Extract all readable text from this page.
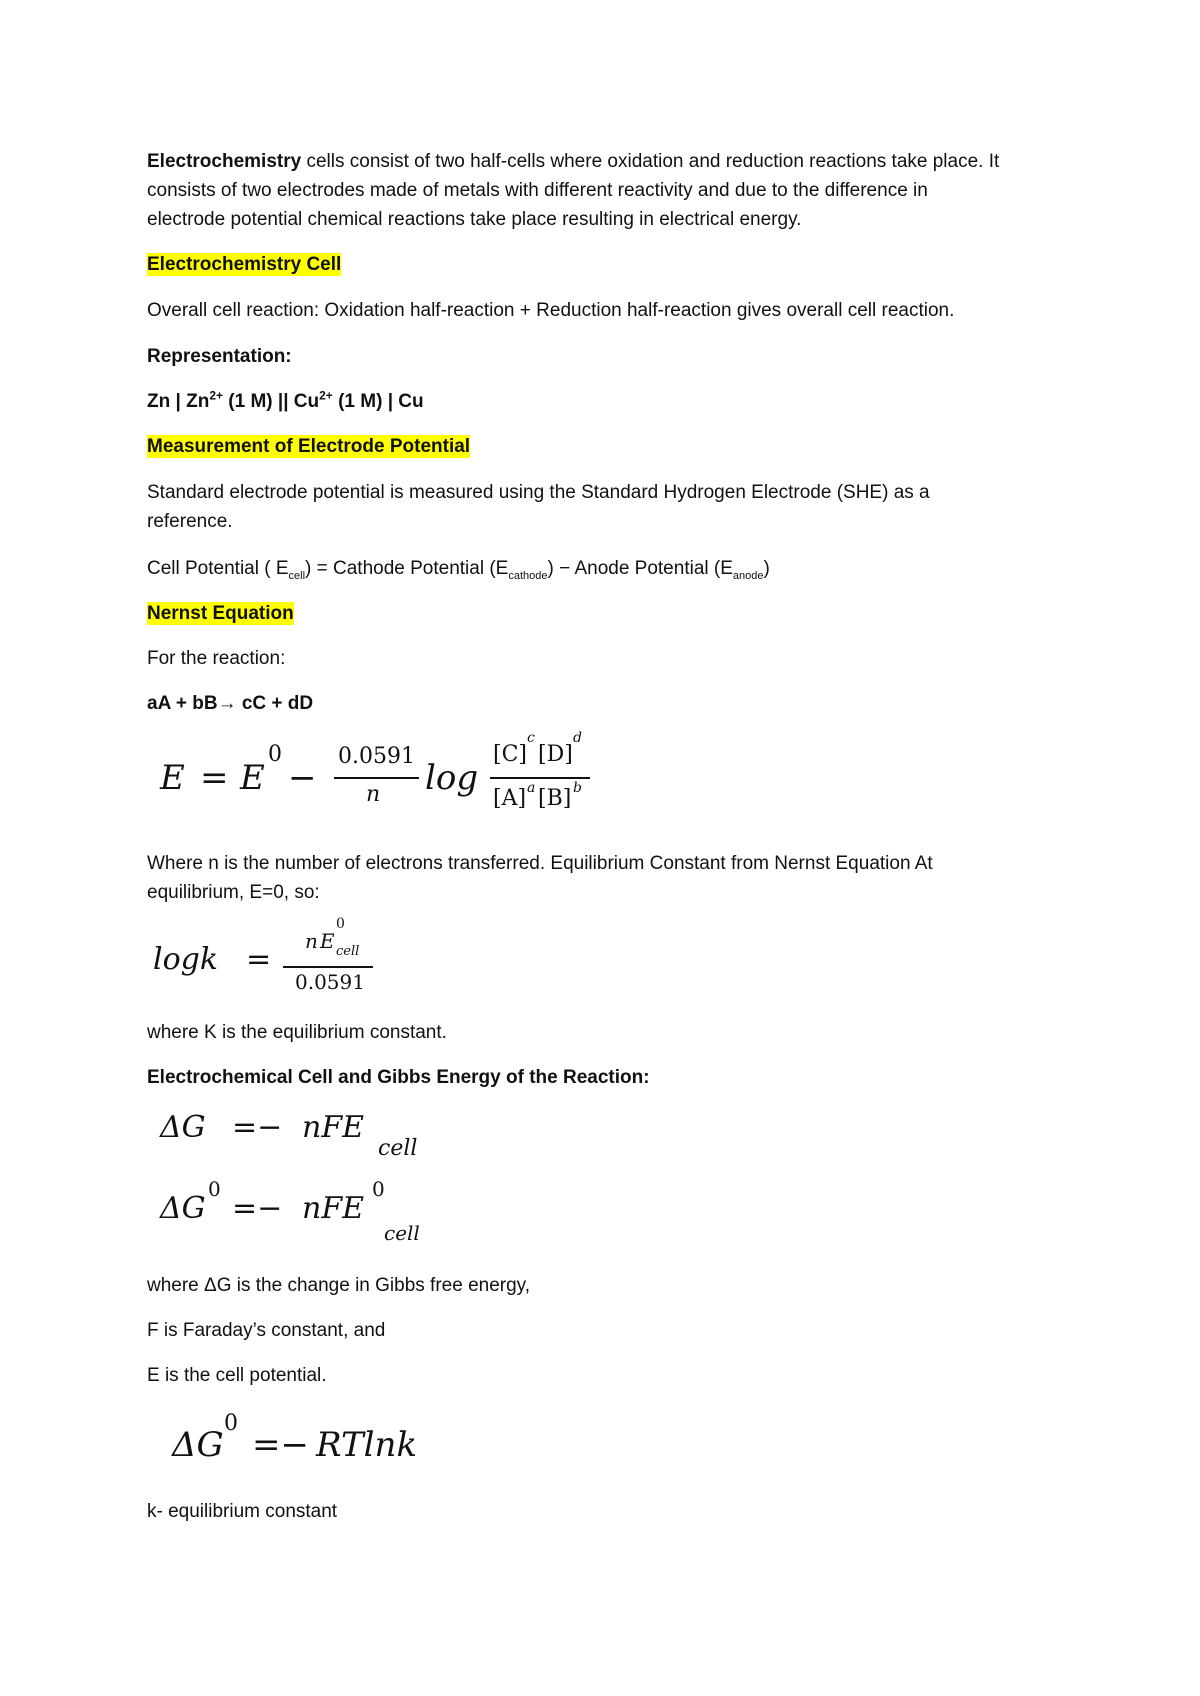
Electrochemistry cells consist of two half-cells where oxidation and reduction reactions take place. It

consists of two electrodes made of metals with different reactivity and due to the difference in

electrode potential chemical reactions take place resulting in electrical energy.

Electrochemistry Cell

Overall cell reaction: Oxidation half-reaction + Reduction half-reaction gives overall cell reaction.

Representation:

Zn | $Zn^{2+}$ (1 M) || $Cu^{2+}$ (1 M) | Cu

Measurement of Electrode Potential

Standard electrode potential is measured using the Standard Hydrogen Electrode (SHE) as a

reference.

Cell Potential ( $E_{cell}$) = Cathode Potential $(E_{cathode})$ − Anode Potential $(E_{anode})$

Nernst Equation

For the reaction:

aA + bB→ cC + dD

E = E
0
−
0.0591
n log
[C]
c
[D]
d
[A] a [B] b

Where n is the number of electrons transferred. Equilibrium Constant from Nernst Equation At

equilibrium, E=0, so:

logk =
n E
0
cell
0.0591

where K is the equilibrium constant.

Electrochemical Cell and Gibbs Energy of the Reaction:

ΔG =− nFE
cell
ΔG
0
=− nFE
0
cell

where ΔG is the change in Gibbs free energy,

F is Faraday’s constant, and

E is the cell potential.

ΔG
0
=− RTlnk

k- equilibrium constant
